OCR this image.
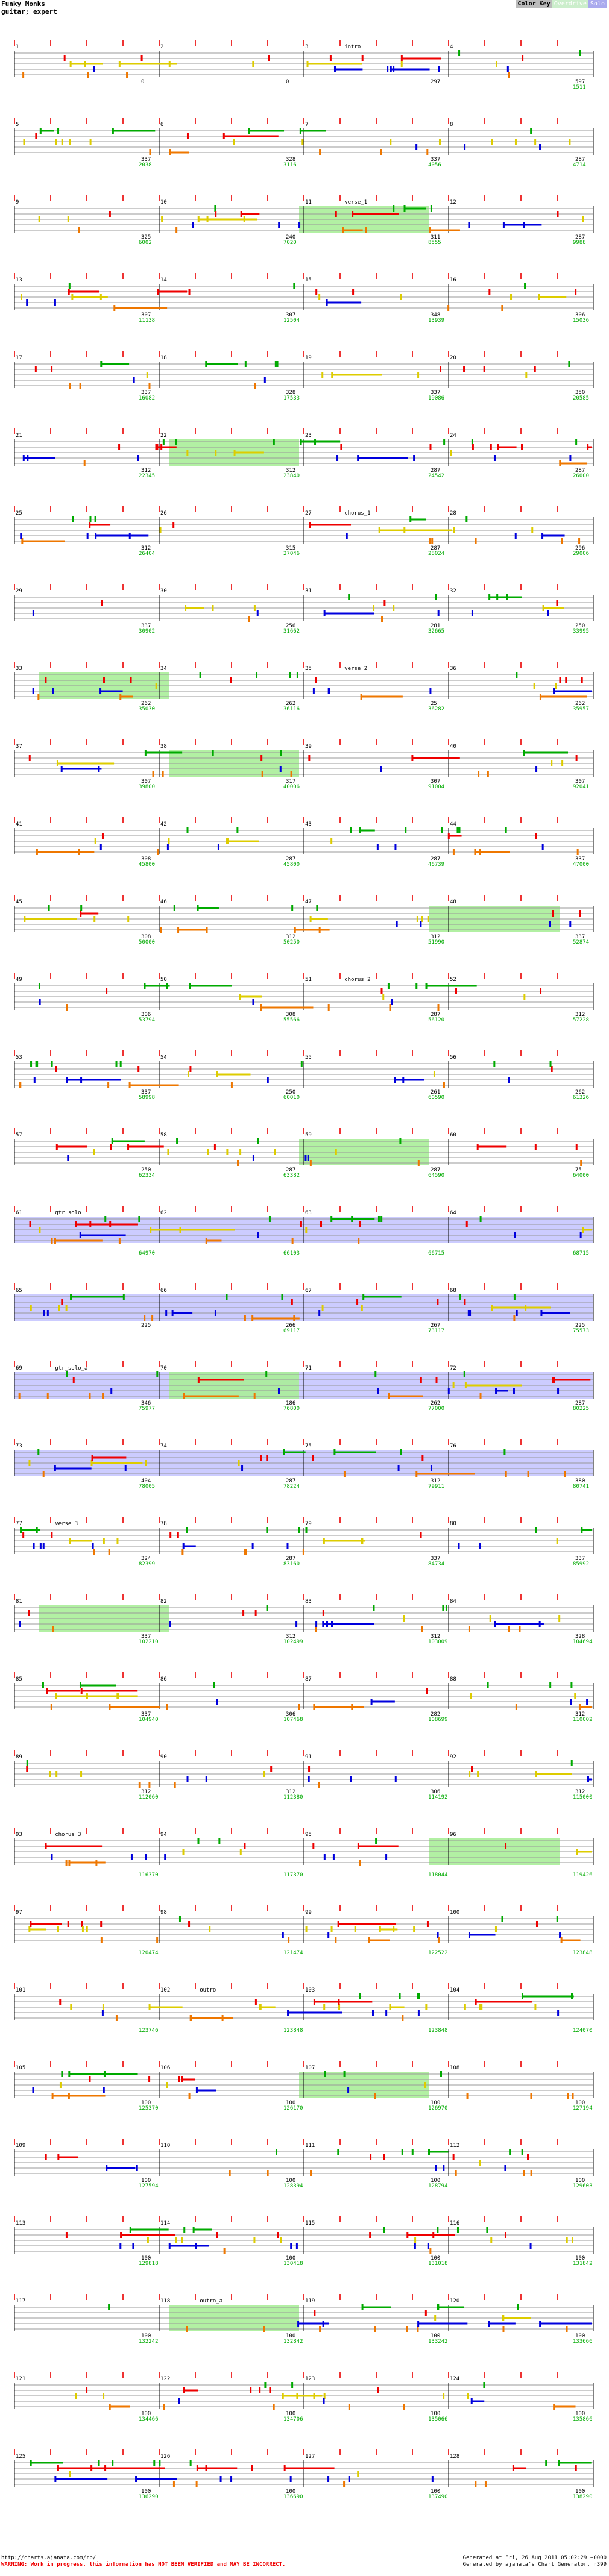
Funky Monks
guitar; expert
Color Key Overdrive Solo
1
0
2
0
3	intro
297
4
597
1511
5
337
2038
6
328
3116
7
337
4056
8
287
4714
9
325
6002
10
240
7020
11	verse_1
311
8555
12
287
9988
13
307
11138
14
307
12504
15
348
13939
16
306
15036
17
337
16082
18
328
17533
19
337
19086
20
350
20585
21
312
22345
22
312
23840
23
287
24542
24
287
26000
25
312
26404
26
315
27046
27	chorus_1
287
28024
28
296
29006
29
337
30902
30
256
31662
31
281
32665
32
250
33995
33
262
35030
34
262
36116
35	verse_2
25
36282
36
262
35957
37
307
39800
38
317
40006
39
307
91004
40
307
92041
41
308
45800
42
287
45800
43
287
46739
44
337
47000
45
308
50000
46
312
50250
47
312
51990
48
337
52874
49
306
53794
50
308
55566
51	chorus_2
287
56120
52
312
57228
53
337
58998
54
250
60010
55
261
60590
56
262
61326
57
250
62334
58
287
63382
59
287
64590
60
75
64000
61	gtr_solo
64970
62
66103
63
66715
64
68715
65
225
66
266
69117
67
267
73117
68
225
75573
69	gtr_solo_a
346
75977
70
186
76800
71
262
77000
72
287
80225
73
404
78005
74
287
78224
75
312
79911
76
380
80741
77	verse_3
324
82399
78
287
83160
79
337
84734
80
337
85992
81
337
102210
82
312
102499
83
312
103009
84
328
104694
85
337
104940
86
306
107468
87
282
108699
88
312
110002
89
312
112060
90
312
112380
91
306
114192
92
312
115000
93	chorus_3
116370
94
117370
95
118044
96
119426
97
120474
98
121474
99
122522
100
123848
101
123746
102	outro
123848
103
123848
104
124070
105
100
125370
106
100
126170
107
100
126970
108
100
127194
109
100
127594
110
100
128394
111
100
128794
112
100
129603
113
100
129818
114
100
130418
115
100
131018
116
100
131842
117
100
132242
118	outro_a
100
132842
119
100
133242
120
100
133666
121
100
134466
122
100
134706
123
100
135066
124
100
135866
125
100
136290
126
100
136690
127
100
137490
128
100
138290
http://charts.ajanata.com/rb/
WARNING: Work in progress, this information has NOT BEEN VERIFIED and MAY BE INCORRECT.
Generated at Fri, 26 Aug 2011 05:02:29 +0000
Generated by ajanata's Chart Generator, r399
